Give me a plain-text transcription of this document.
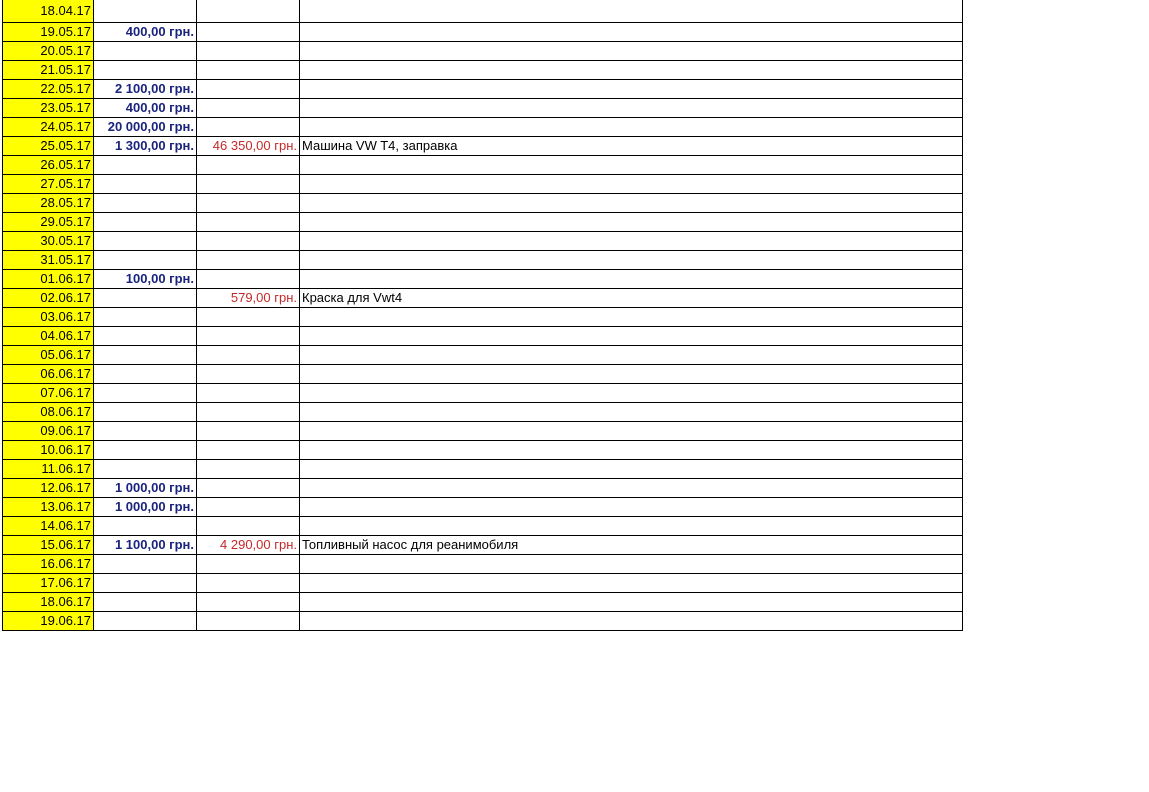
18.04.17			
19.05.17	400,00 грн.		
20.05.17			
21.05.17			
22.05.17	2 100,00 грн.		
23.05.17	400,00 грн.		
24.05.17	20 000,00 грн.		
25.05.17	1 300,00 грн.	46 350,00 грн.	Машина VW T4, заправка
26.05.17			
27.05.17			
28.05.17			
29.05.17			
30.05.17			
31.05.17			
01.06.17	100,00 грн.		
02.06.17		579,00 грн.	Краска для Vwt4
03.06.17			
04.06.17			
05.06.17			
06.06.17			
07.06.17			
08.06.17			
09.06.17			
10.06.17			
11.06.17			
12.06.17	1 000,00 грн.		
13.06.17	1 000,00 грн.		
14.06.17			
15.06.17	1 100,00 грн.	4 290,00 грн.	Топливный насос для реанимобиля
16.06.17			
17.06.17			
18.06.17			
19.06.17			
